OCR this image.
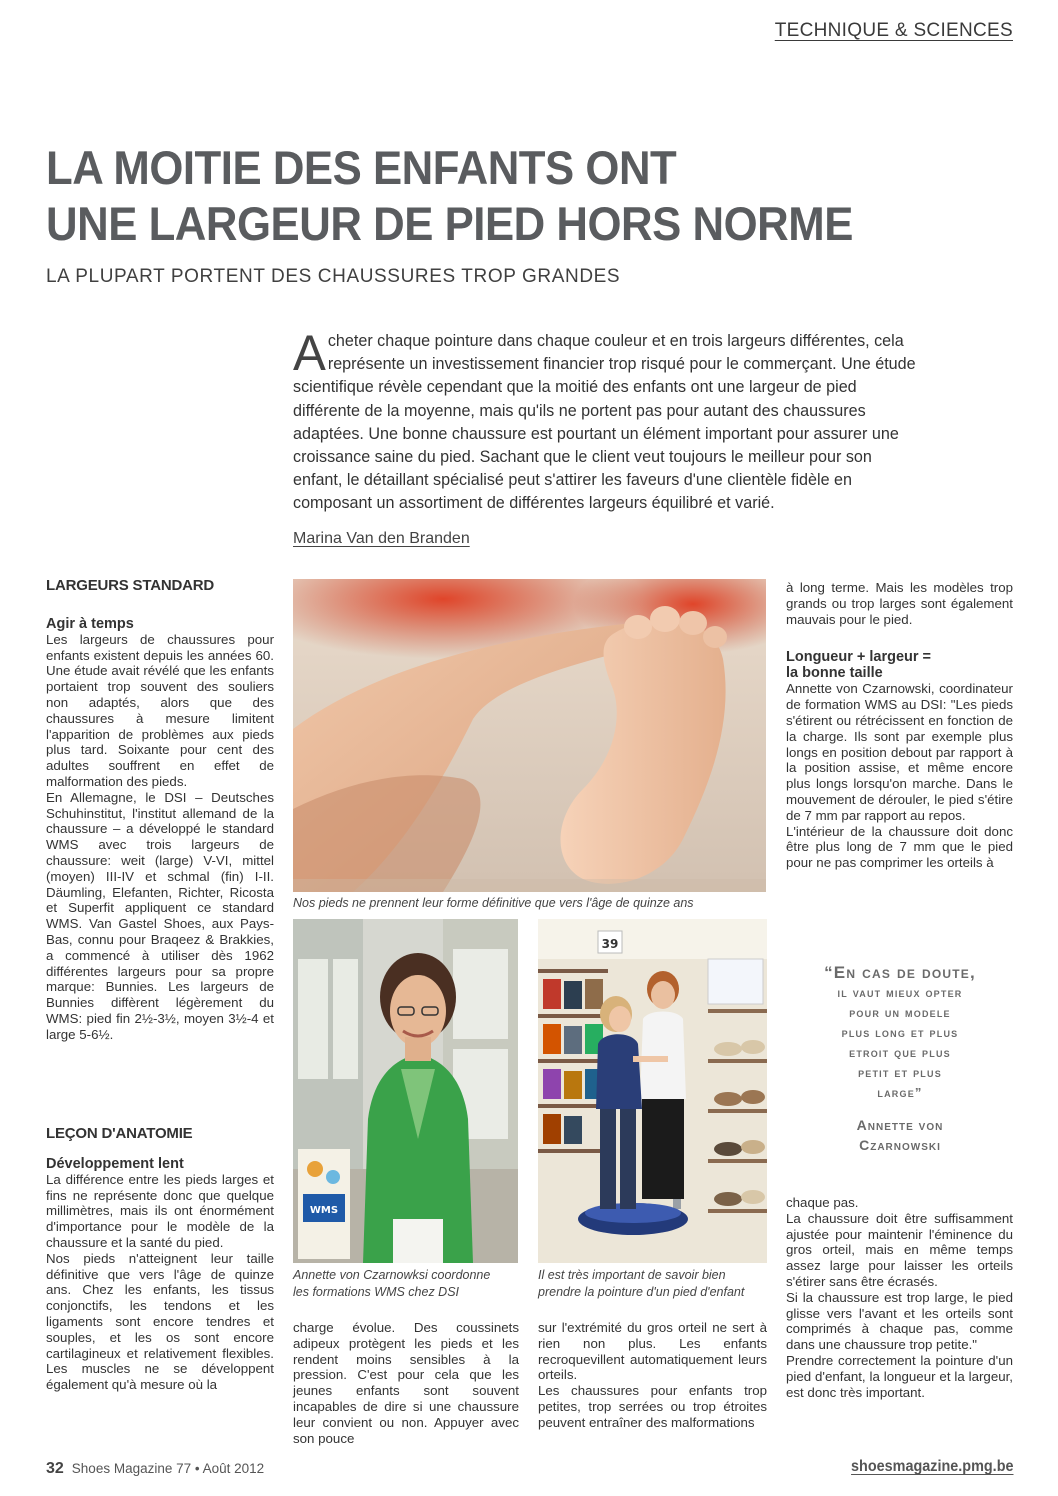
TECHNIQUE & SCIENCES
LA MOITIE DES ENFANTS ONT
UNE LARGEUR DE PIED HORS NORME
LA PLUPART PORTENT DES CHAUSSURES TROP GRANDES
Acheter chaque pointure dans chaque couleur et en trois largeurs différentes, cela représente un investissement financier trop risqué pour le commerçant. Une étude scientifique révèle cependant que la moitié des enfants ont une largeur de pied différente de la moyenne, mais qu'ils ne portent pas pour autant des chaussures adaptées. Une bonne chaussure est pourtant un élément important pour assurer une croissance saine du pied. Sachant que le client veut toujours le meilleur pour son enfant, le détaillant spécialisé peut s'attirer les faveurs d'une clientèle fidèle en composant un assortiment de différentes largeurs équilibré et varié.
Marina Van den Branden
LARGEURS STANDARD
Agir à temps

Les largeurs de chaussures pour enfants existent depuis les années 60. Une étude avait révélé que les enfants portaient trop souvent des souliers non adaptés, alors que des chaussures à mesure limitent l'apparition de problèmes aux pieds plus tard. Soixante pour cent des adultes souffrent en effet de malformation des pieds.

En Allemagne, le DSI – Deutsches Schuhinstitut, l'institut allemand de la chaussure – a développé le standard WMS avec trois largeurs de chaussure: weit (large) V-VI, mittel (moyen) III-IV et schmal (fin) I-II. Däumling, Elefanten, Richter, Ricosta et Superfit appliquent ce standard WMS. Van Gastel Shoes, aux Pays-Bas, connu pour Braqeez & Brakkies, a commencé à utiliser dès 1962 différentes largeurs pour sa propre marque: Bunnies. Les largeurs de Bunnies diffèrent légèrement du WMS: pied fin 2½-3½, moyen 3½-4 et large 5-6½.

LEÇON D'ANATOMIE
Développement lent

La différence entre les pieds larges et fins ne représente donc que quelque millimètres, mais ils ont énormément d'importance pour le modèle de la chaussure et la santé du pied.

Nos pieds n'atteignent leur taille définitive que vers l'âge de quinze ans. Chez les enfants, les tissus conjonctifs, les tendons et les ligaments sont encore tendres et souples, et les os sont encore cartilagineux et relativement flexibles. Les muscles ne se développent également qu'à mesure où la

Nos pieds ne prennent leur forme définitive que vers l'âge de quinze ans
WMS
Annette von Czarnowksi coordonne
les formations WMS chez DSI
39
Il est très important de savoir bien
prendre la pointure d'un pied d'enfant

charge évolue. Des coussinets adipeux protègent les pieds et les rendent moins sensibles à la pression. C'est pour cela que les jeunes enfants sont souvent incapables de dire si une chaussure leur convient ou non. Appuyer avec son pouce

sur l'extrémité du gros orteil ne sert à rien non plus. Les enfants recroquevillent automatiquement leurs orteils.

Les chaussures pour enfants trop petites, trop serrées ou trop étroites peuvent entraîner des malformations

à long terme. Mais les modèles trop grands ou trop larges sont également mauvais pour le pied.

Longueur + largeur =
la bonne taille

Annette von Czarnowski, coordinateur de formation WMS au DSI: "Les pieds s'étirent ou rétrécissent en fonction de la charge. Ils sont par exemple plus longs en position debout par rapport à la position assise, et même encore plus longs lorsqu'on marche. Dans le mouvement de dérouler, le pied s'étire de 7 mm par rapport au repos.

L'intérieur de la chaussure doit donc être plus long de 7 mm que le pied pour ne pas comprimer les orteils à

“En cas de doute,
il vaut mieux opter
pour un modele
plus long et plus
etroit que plus
petit et plus
large”
Annette von
Czarnowski

chaque pas.

La chaussure doit être suffisamment ajustée pour maintenir l'éminence du gros orteil, mais en même temps assez large pour laisser les orteils s'étirer sans être écrasés.

Si la chaussure est trop large, le pied glisse vers l'avant et les orteils sont comprimés à chaque pas, comme dans une chaussure trop petite."

Prendre correctement la pointure d'un pied d'enfant, la longueur et la largeur, est donc très important.

32 Shoes Magazine 77 • Août 2012	shoesmagazine.pmg.be
